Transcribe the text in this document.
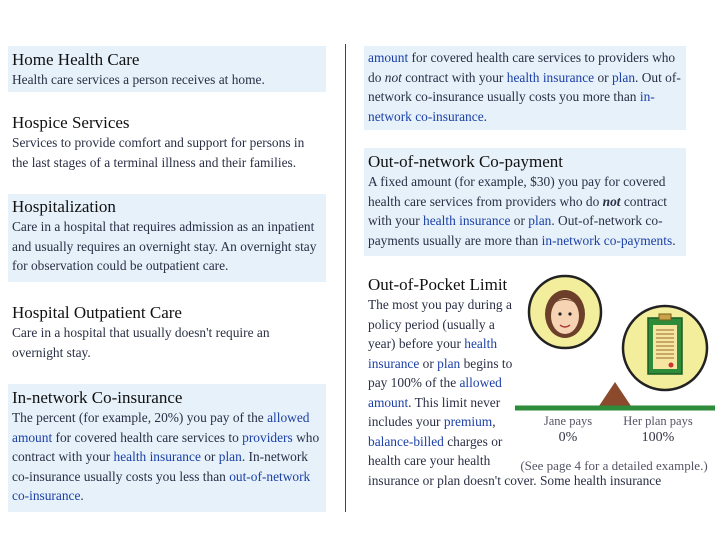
Home Health Care

Health care services a person receives at home.

Hospice Services

Services to provide comfort and support for persons in the last stages of a terminal illness and their families.

Hospitalization

Care in a hospital that requires admission as an inpatient and usually requires an overnight stay. An overnight stay for observation could be outpatient care.

Hospital Outpatient Care

Care in a hospital that usually doesn't require an overnight stay.

In-network Co-insurance

The percent (for example, 20%) you pay of the allowed amount for covered health care services to providers who contract with your health insurance or plan. In-network co-insurance usually costs you less than out-of-network co-insurance.

amount for covered health care services to providers who do not contract with your health insurance or plan. Out of-network co-insurance usually costs you more than in-network co-insurance.

Out-of-network Co-payment

A fixed amount (for example, $30) you pay for covered health care services from providers who do not contract with your health insurance or plan. Out-of-network co-payments usually are more than in-network co-payments.

Out-of-Pocket Limit

The most you pay during a
policy period (usually a
year) before your health
insurance or plan begins to
pay 100% of the allowed
amount. This limit never
includes your premium,
balance-billed charges or
health care your health
insurance or plan doesn't cover. Some health insurance

Jane pays
0%
Her plan pays
100%
(See page 4 for a detailed example.)
